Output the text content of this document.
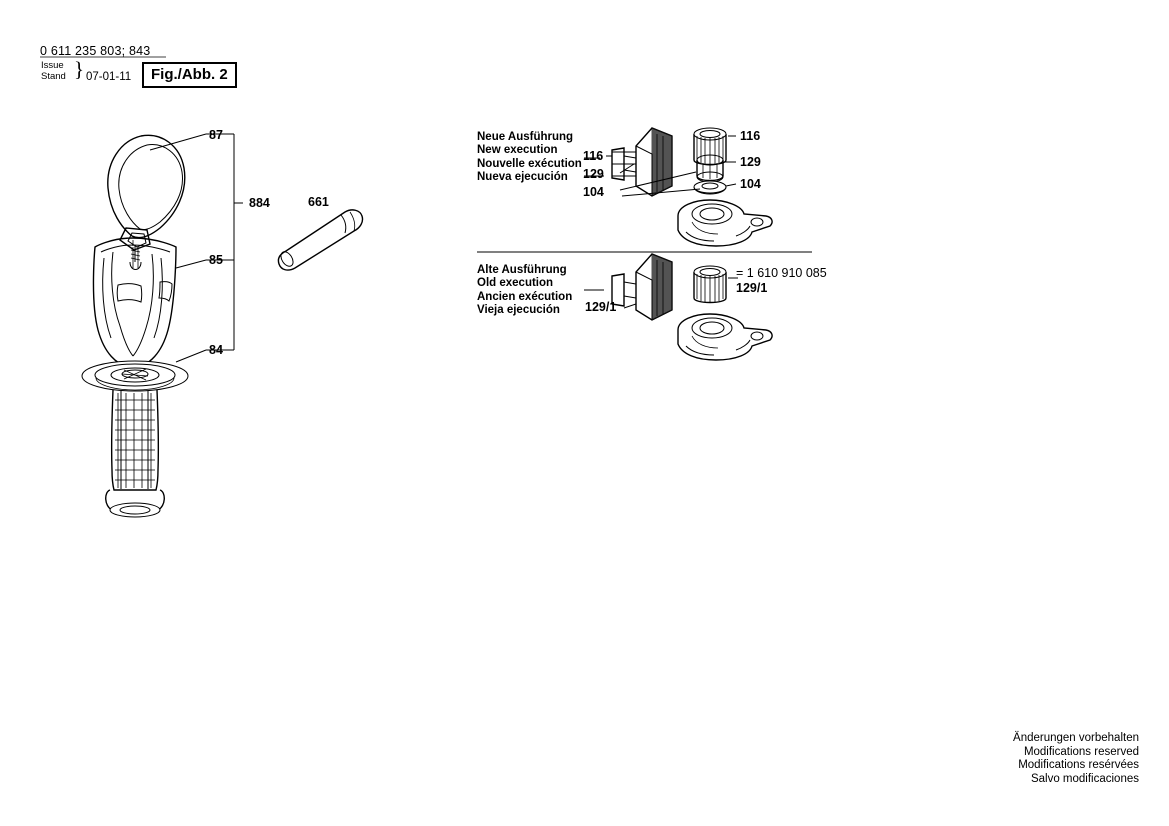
0 611 235 803; 843
Issue
Stand } 07-01-11	Fig./Abb. 2
Änderungen vorbehalten
Modifications reserved
Modifications resérvées
Salvo modificaciones
87
884
85
84
661
Neue Ausführung
New execution
Nouvelle exécution
Nueva ejecución
116
129
104
116
129
104
Alte Ausführung
Old execution
Ancien exécution
Vieja ejecución	129/1
129/1
= 1 610 910 085
